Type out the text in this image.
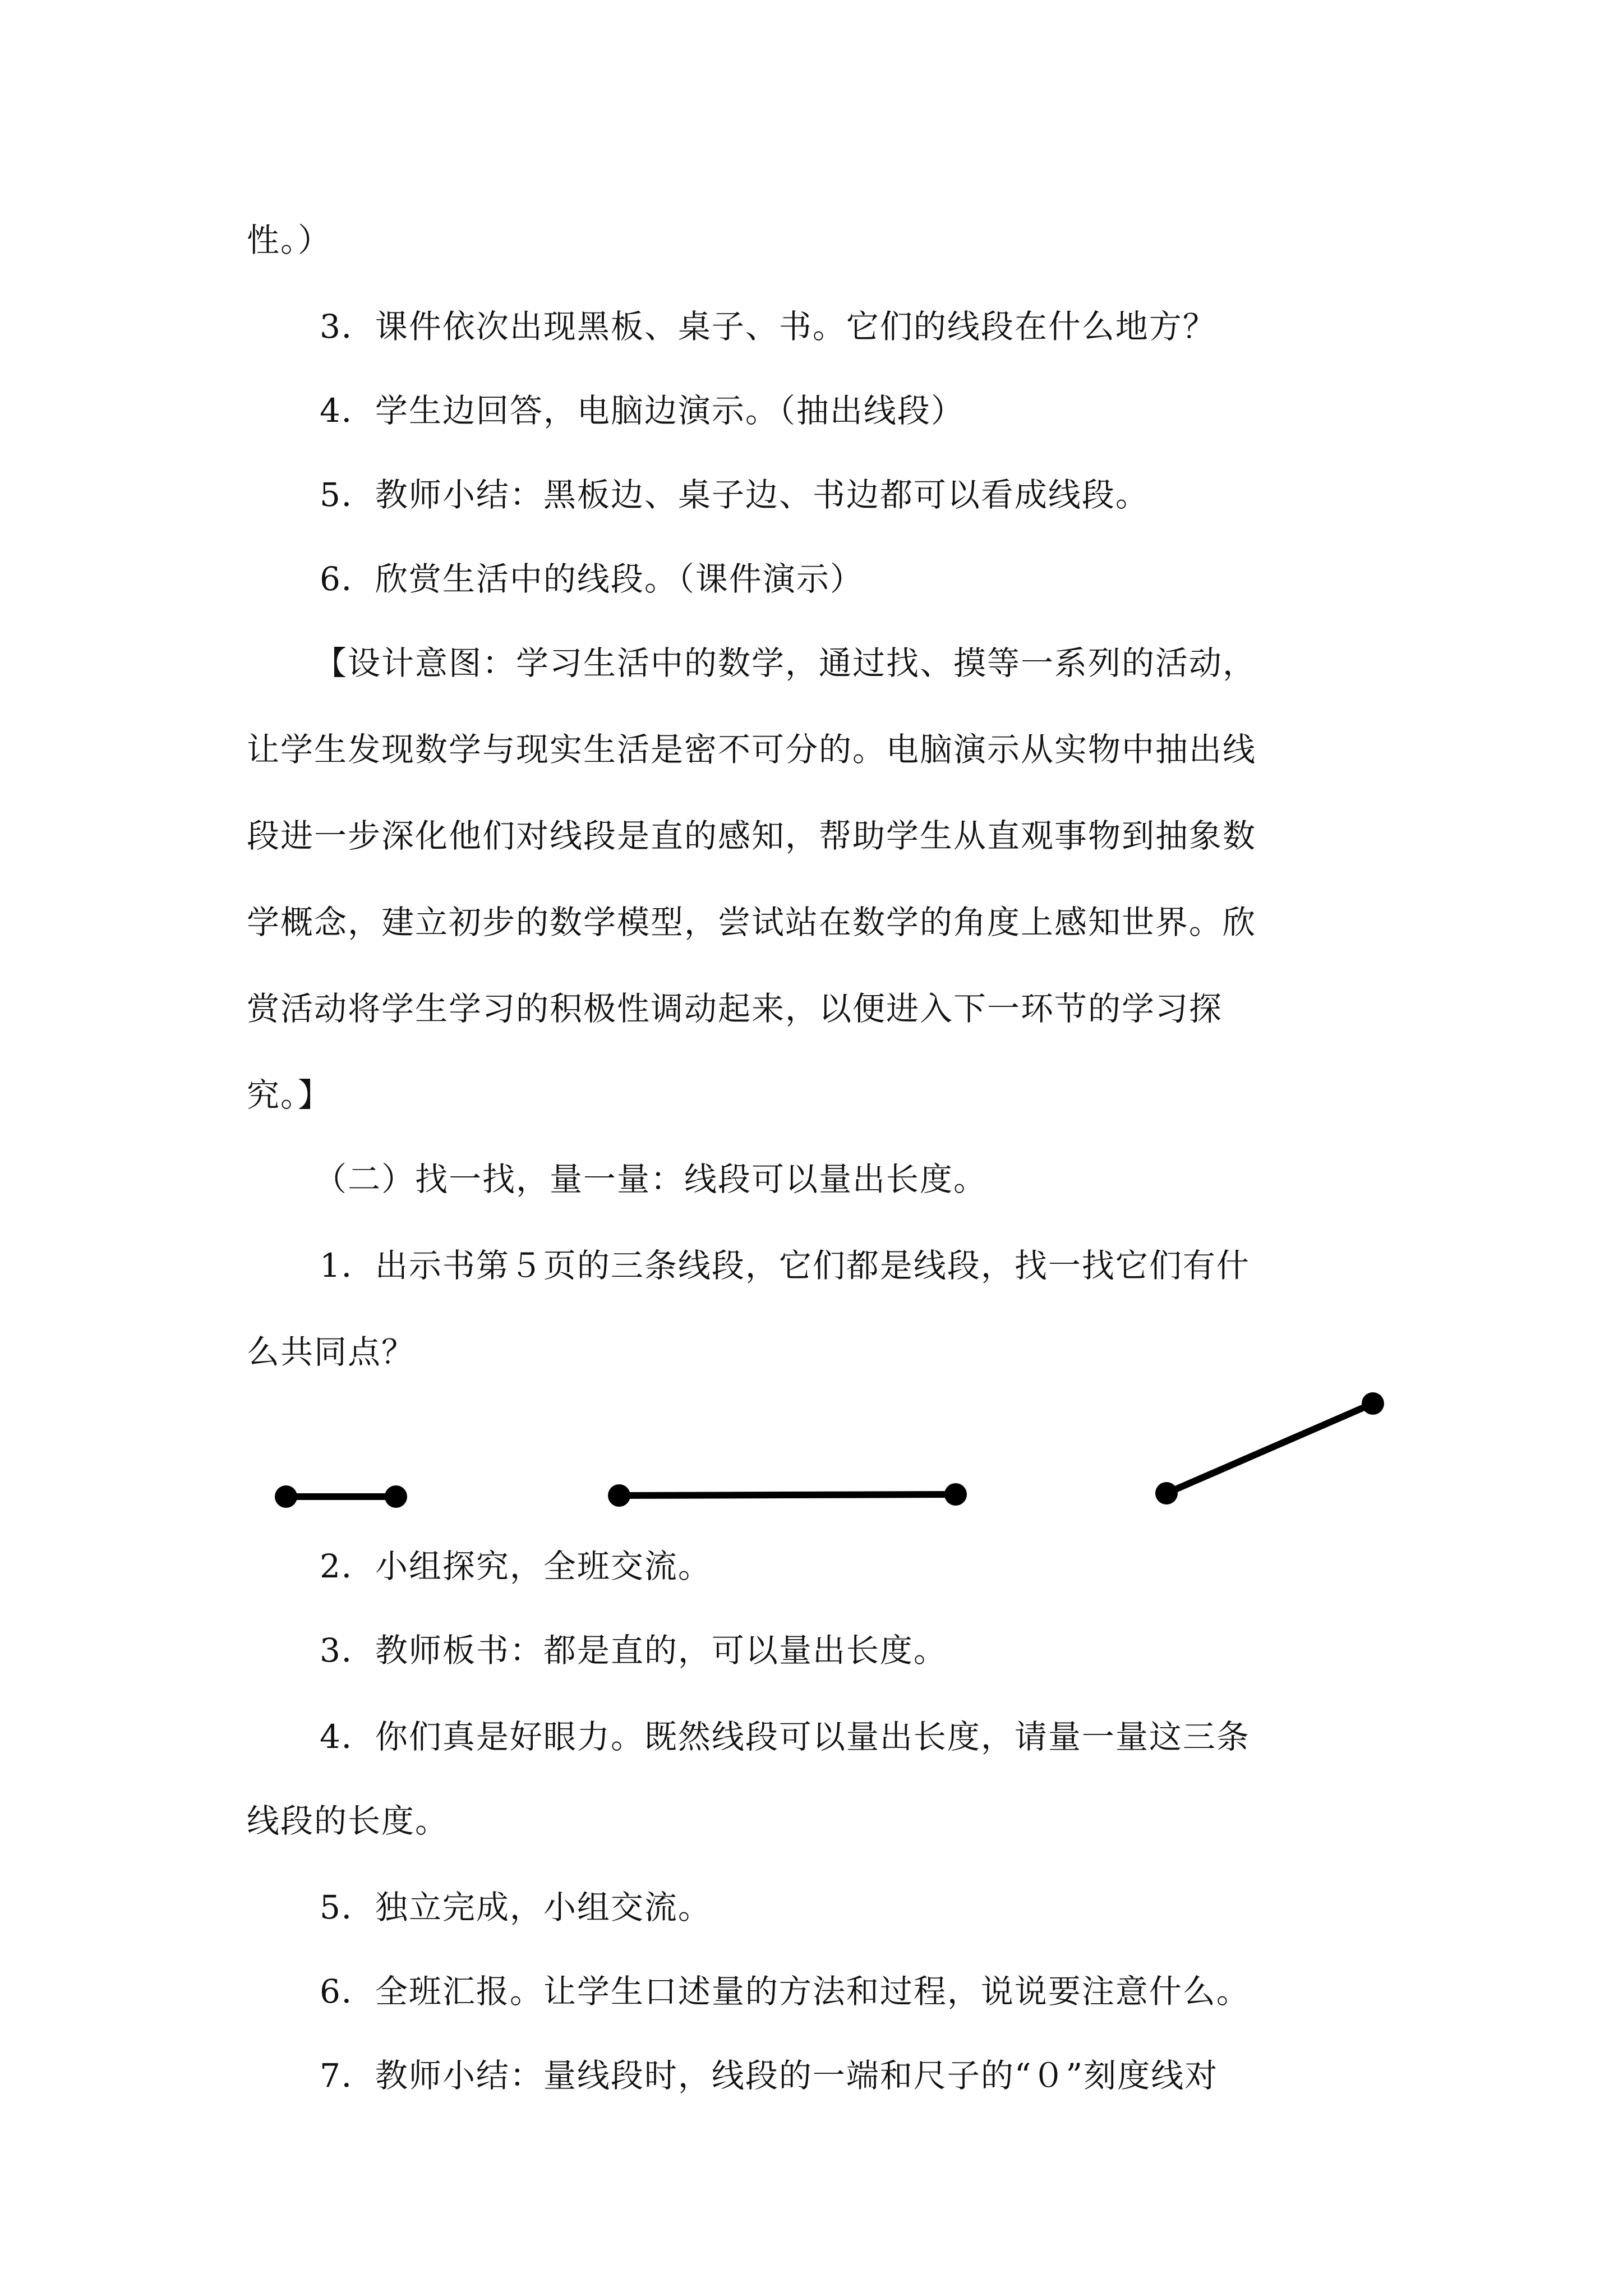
性。）
3．课件依次出现黑板、桌子、书。它们的线段在什么地方？
4．学生边回答，电脑边演示。（抽出线段）
5．教师小结：黑板边、桌子边、书边都可以看成线段。
6．欣赏生活中的线段。（课件演示）
【设计意图：学习生活中的数学，通过找、摸等一系列的活动，
让学生发现数学与现实生活是密不可分的。电脑演示从实物中抽出线
段进一步深化他们对线段是直的感知，帮助学生从直观事物到抽象数
学概念，建立初步的数学模型，尝试站在数学的角度上感知世界。欣
赏活动将学生学习的积极性调动起来，以便进入下一环节的学习探
究。】
（二）找一找，量一量：线段可以量出长度。
1．出示书第５页的三条线段，它们都是线段，找一找它们有什
么共同点？
2．小组探究，全班交流。
3．教师板书：都是直的，可以量出长度。
4．你们真是好眼力。既然线段可以量出长度，请量一量这三条
线段的长度。
5．独立完成，小组交流。
6．全班汇报。让学生口述量的方法和过程，说说要注意什么。
7．教师小结：量线段时，线段的一端和尺子的“０”刻度线对
